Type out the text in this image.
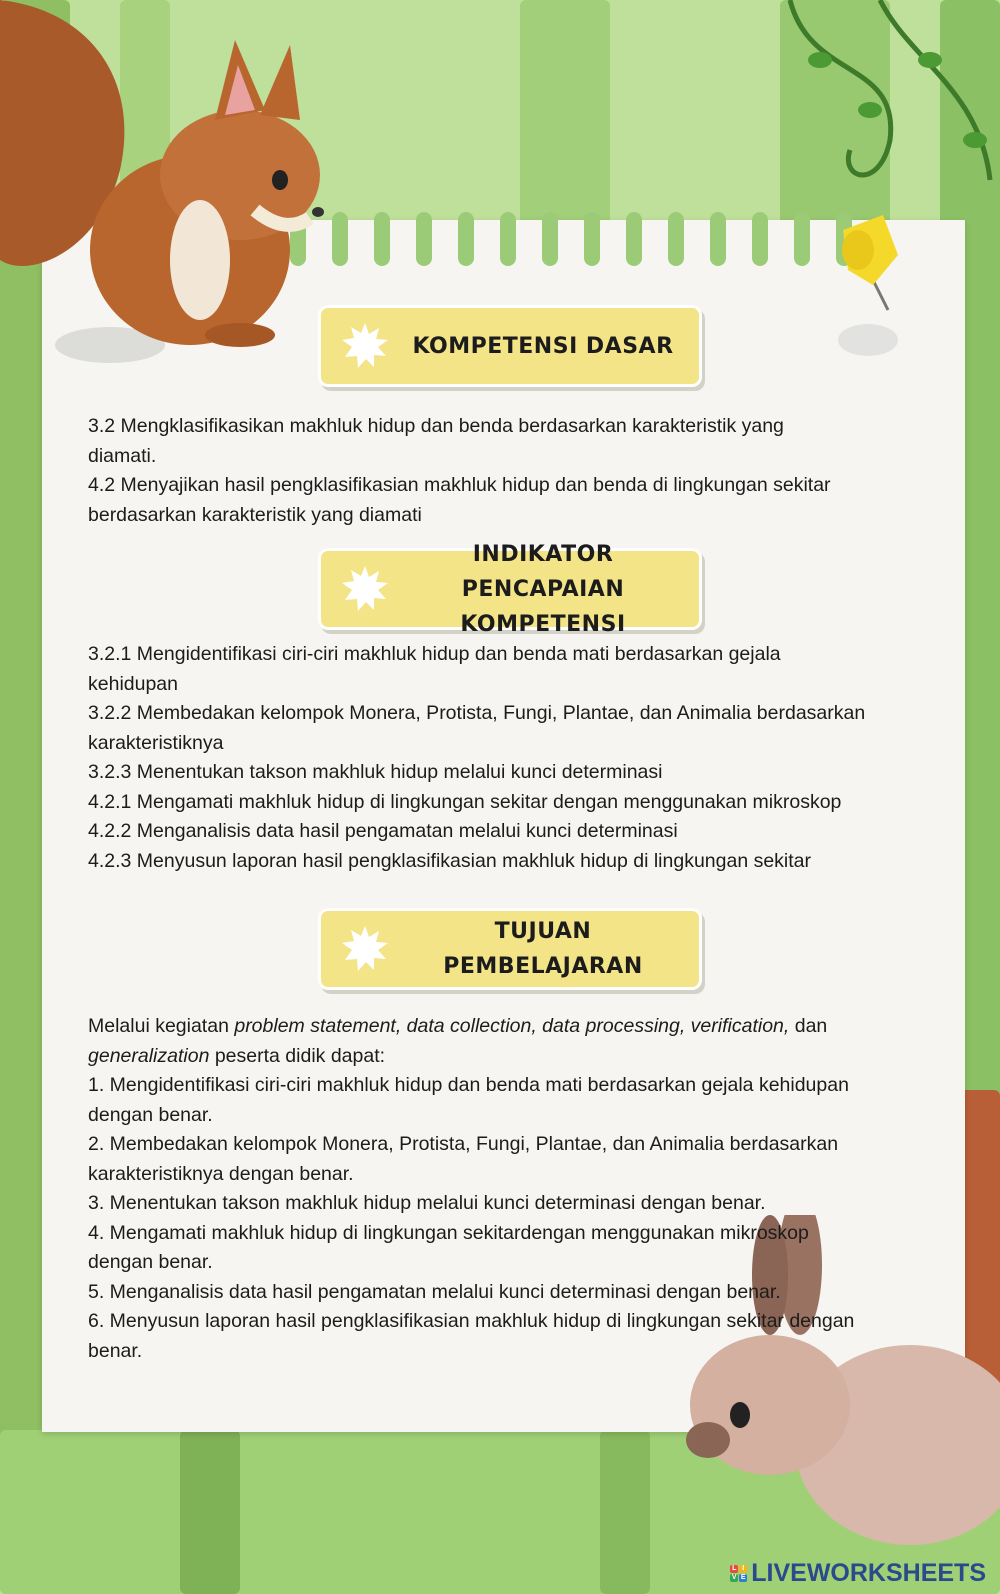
KOMPETENSI DASAR

3.2 Mengklasifikasikan makhluk hidup dan benda berdasarkan karakteristik yang

diamati.

4.2 Menyajikan hasil pengklasifikasian makhluk hidup dan benda di lingkungan sekitar

berdasarkan karakteristik yang diamati

INDIKATOR PENCAPAIAN
KOMPETENSI

3.2.1 Mengidentifikasi ciri-ciri makhluk hidup dan benda mati berdasarkan gejala

kehidupan

3.2.2 Membedakan kelompok Monera, Protista, Fungi, Plantae, dan Animalia berdasarkan

karakteristiknya

3.2.3 Menentukan takson makhluk hidup melalui kunci determinasi

4.2.1 Mengamati makhluk hidup di lingkungan sekitar dengan menggunakan mikroskop

4.2.2 Menganalisis data hasil pengamatan melalui kunci determinasi

4.2.3 Menyusun laporan hasil pengklasifikasian makhluk hidup di lingkungan sekitar

TUJUAN PEMBELAJARAN

Melalui kegiatan problem statement, data collection, data processing, verification, dan

generalization peserta didik dapat:

1. Mengidentifikasi ciri-ciri makhluk hidup dan benda mati berdasarkan gejala kehidupan

dengan benar.

2. Membedakan kelompok Monera, Protista, Fungi, Plantae, dan Animalia berdasarkan

karakteristiknya dengan benar.

3. Menentukan takson makhluk hidup melalui kunci determinasi dengan benar.

4. Mengamati makhluk hidup di lingkungan sekitardengan menggunakan mikroskop

dengan benar.

5. Menganalisis data hasil pengamatan melalui kunci determinasi dengan benar.

6. Menyusun laporan hasil pengklasifikasian makhluk hidup di lingkungan sekitar dengan

benar.

L I
V E LIVEWORKSHEETS
